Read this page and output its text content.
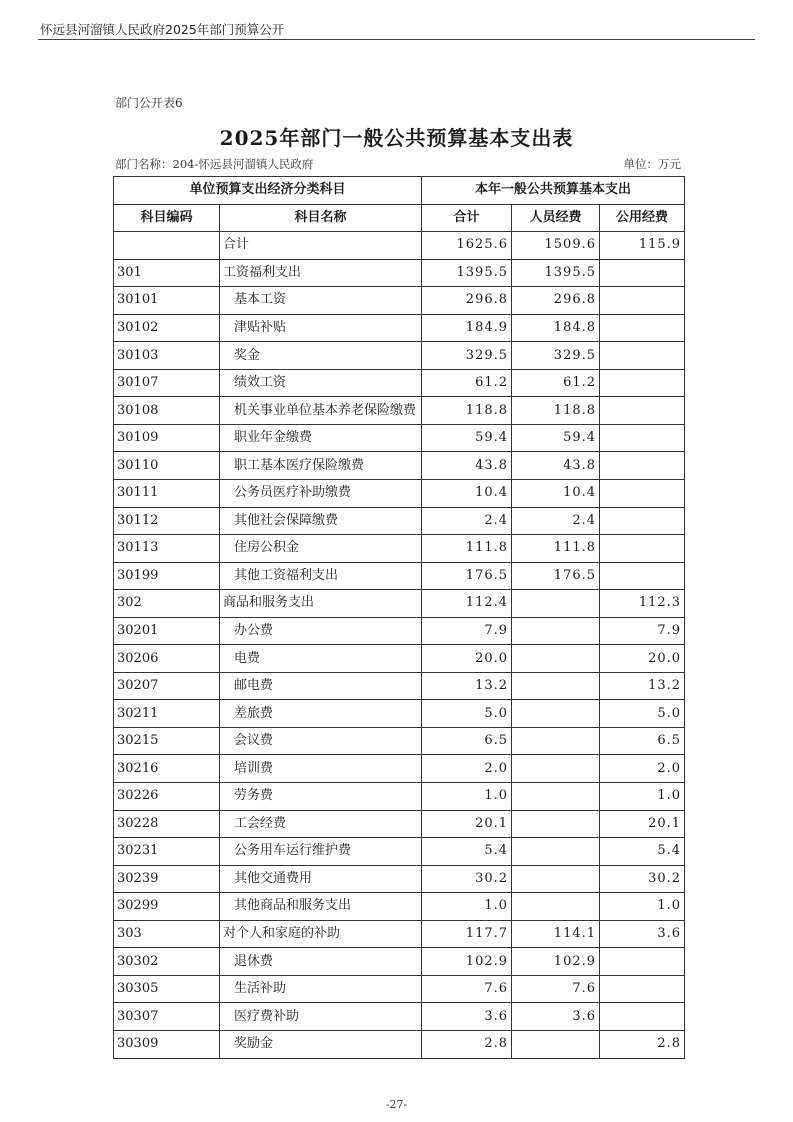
怀远县河溜镇人民政府2025年部门预算公开
部门公开表6
2025年部门一般公共预算基本支出表
部门名称：204-怀远县河溜镇人民政府	单位：万元
单位预算支出经济分类科目		本年一般公共预算基本支出		
科目编码	科目名称	合计	人员经费	公用经费
	合计	1625.6	1509.6	115.9
301	工资福利支出	1395.5	1395.5	
30101	基本工资	296.8	296.8	
30102	津贴补贴	184.9	184.8	
30103	奖金	329.5	329.5	
30107	绩效工资	61.2	61.2	
30108	机关事业单位基本养老保险缴费	118.8	118.8	
30109	职业年金缴费	59.4	59.4	
30110	职工基本医疗保险缴费	43.8	43.8	
30111	公务员医疗补助缴费	10.4	10.4	
30112	其他社会保障缴费	2.4	2.4	
30113	住房公积金	111.8	111.8	
30199	其他工资福利支出	176.5	176.5	
302	商品和服务支出	112.4		112.3
30201	办公费	7.9		7.9
30206	电费	20.0		20.0
30207	邮电费	13.2		13.2
30211	差旅费	5.0		5.0
30215	会议费	6.5		6.5
30216	培训费	2.0		2.0
30226	劳务费	1.0		1.0
30228	工会经费	20.1		20.1
30231	公务用车运行维护费	5.4		5.4
30239	其他交通费用	30.2		30.2
30299	其他商品和服务支出	1.0		1.0
303	对个人和家庭的补助	117.7	114.1	3.6
30302	退休费	102.9	102.9	
30305	生活补助	7.6	7.6	
30307	医疗费补助	3.6	3.6	
30309	奖励金	2.8		2.8
-27-
